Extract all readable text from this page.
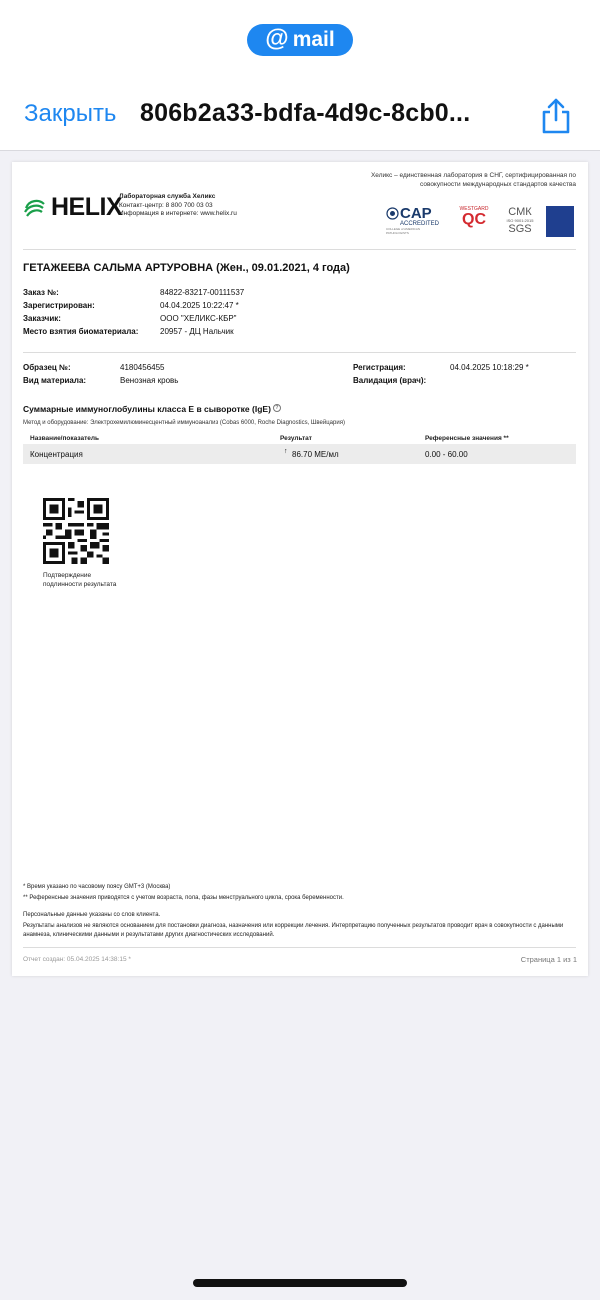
@ mail
Закрыть 806b2a33-bdfa-4d9c-8cb0...
HELIX
Лабораторная служба Хеликс
Контакт-центр: 8 800 700 03 03
Информация в интернете: www.helix.ru
Хеликс – единственная лаборатория в СНГ, сертифицированная по совокупности международных стандартов качества
CAP
ACCREDITED
COLLEGE of AMERICAN PATHOLOGISTS
WESTGARD
QC	СМК
ISO 9001:2015
SGS
ГЕТАЖЕЕВА САЛЬМА АРТУРОВНА (Жен., 09.01.2021, 4 года)
Заказ №:	84822-83217-00111537
Зарегистрирован:	04.04.2025 10:22:47 *
Заказчик:	ООО "ХЕЛИКС-КБР"
Место взятия биоматериала:	20957 - ДЦ Нальчик
Образец №:	4180456455
Вид материала:	Венозная кровь
Регистрация:	04.04.2025 10:18:29 *
Валидация (врач):
Суммарные иммуноглобулины класса Е в сыворотке (IgE) ?
Метод и оборудование: Электрохемилюминесцентный иммуноанализ (Cobas 6000, Roche Diagnostics, Швейцария)
Название/показатель	Результат	Референсные значения **
Концентрация	↑ 86.70 МЕ/мл	0.00 - 60.00
Подтверждение
подлинности результата
* Время указано по часовому поясу GMT+3 (Москва)
** Референсные значения приводятся с учетом возраста, пола, фазы менструального цикла, срока беременности.
Персональные данные указаны со слов клиента.
Результаты анализов не являются основанием для постановки диагноза, назначения или коррекции лечения. Интерпретацию полученных результатов проводит врач в совокупности с данными анамнеза, клиническими данными и результатами других диагностических исследований.
Отчет создан: 05.04.2025 14:38:15 *	Страница 1 из 1
